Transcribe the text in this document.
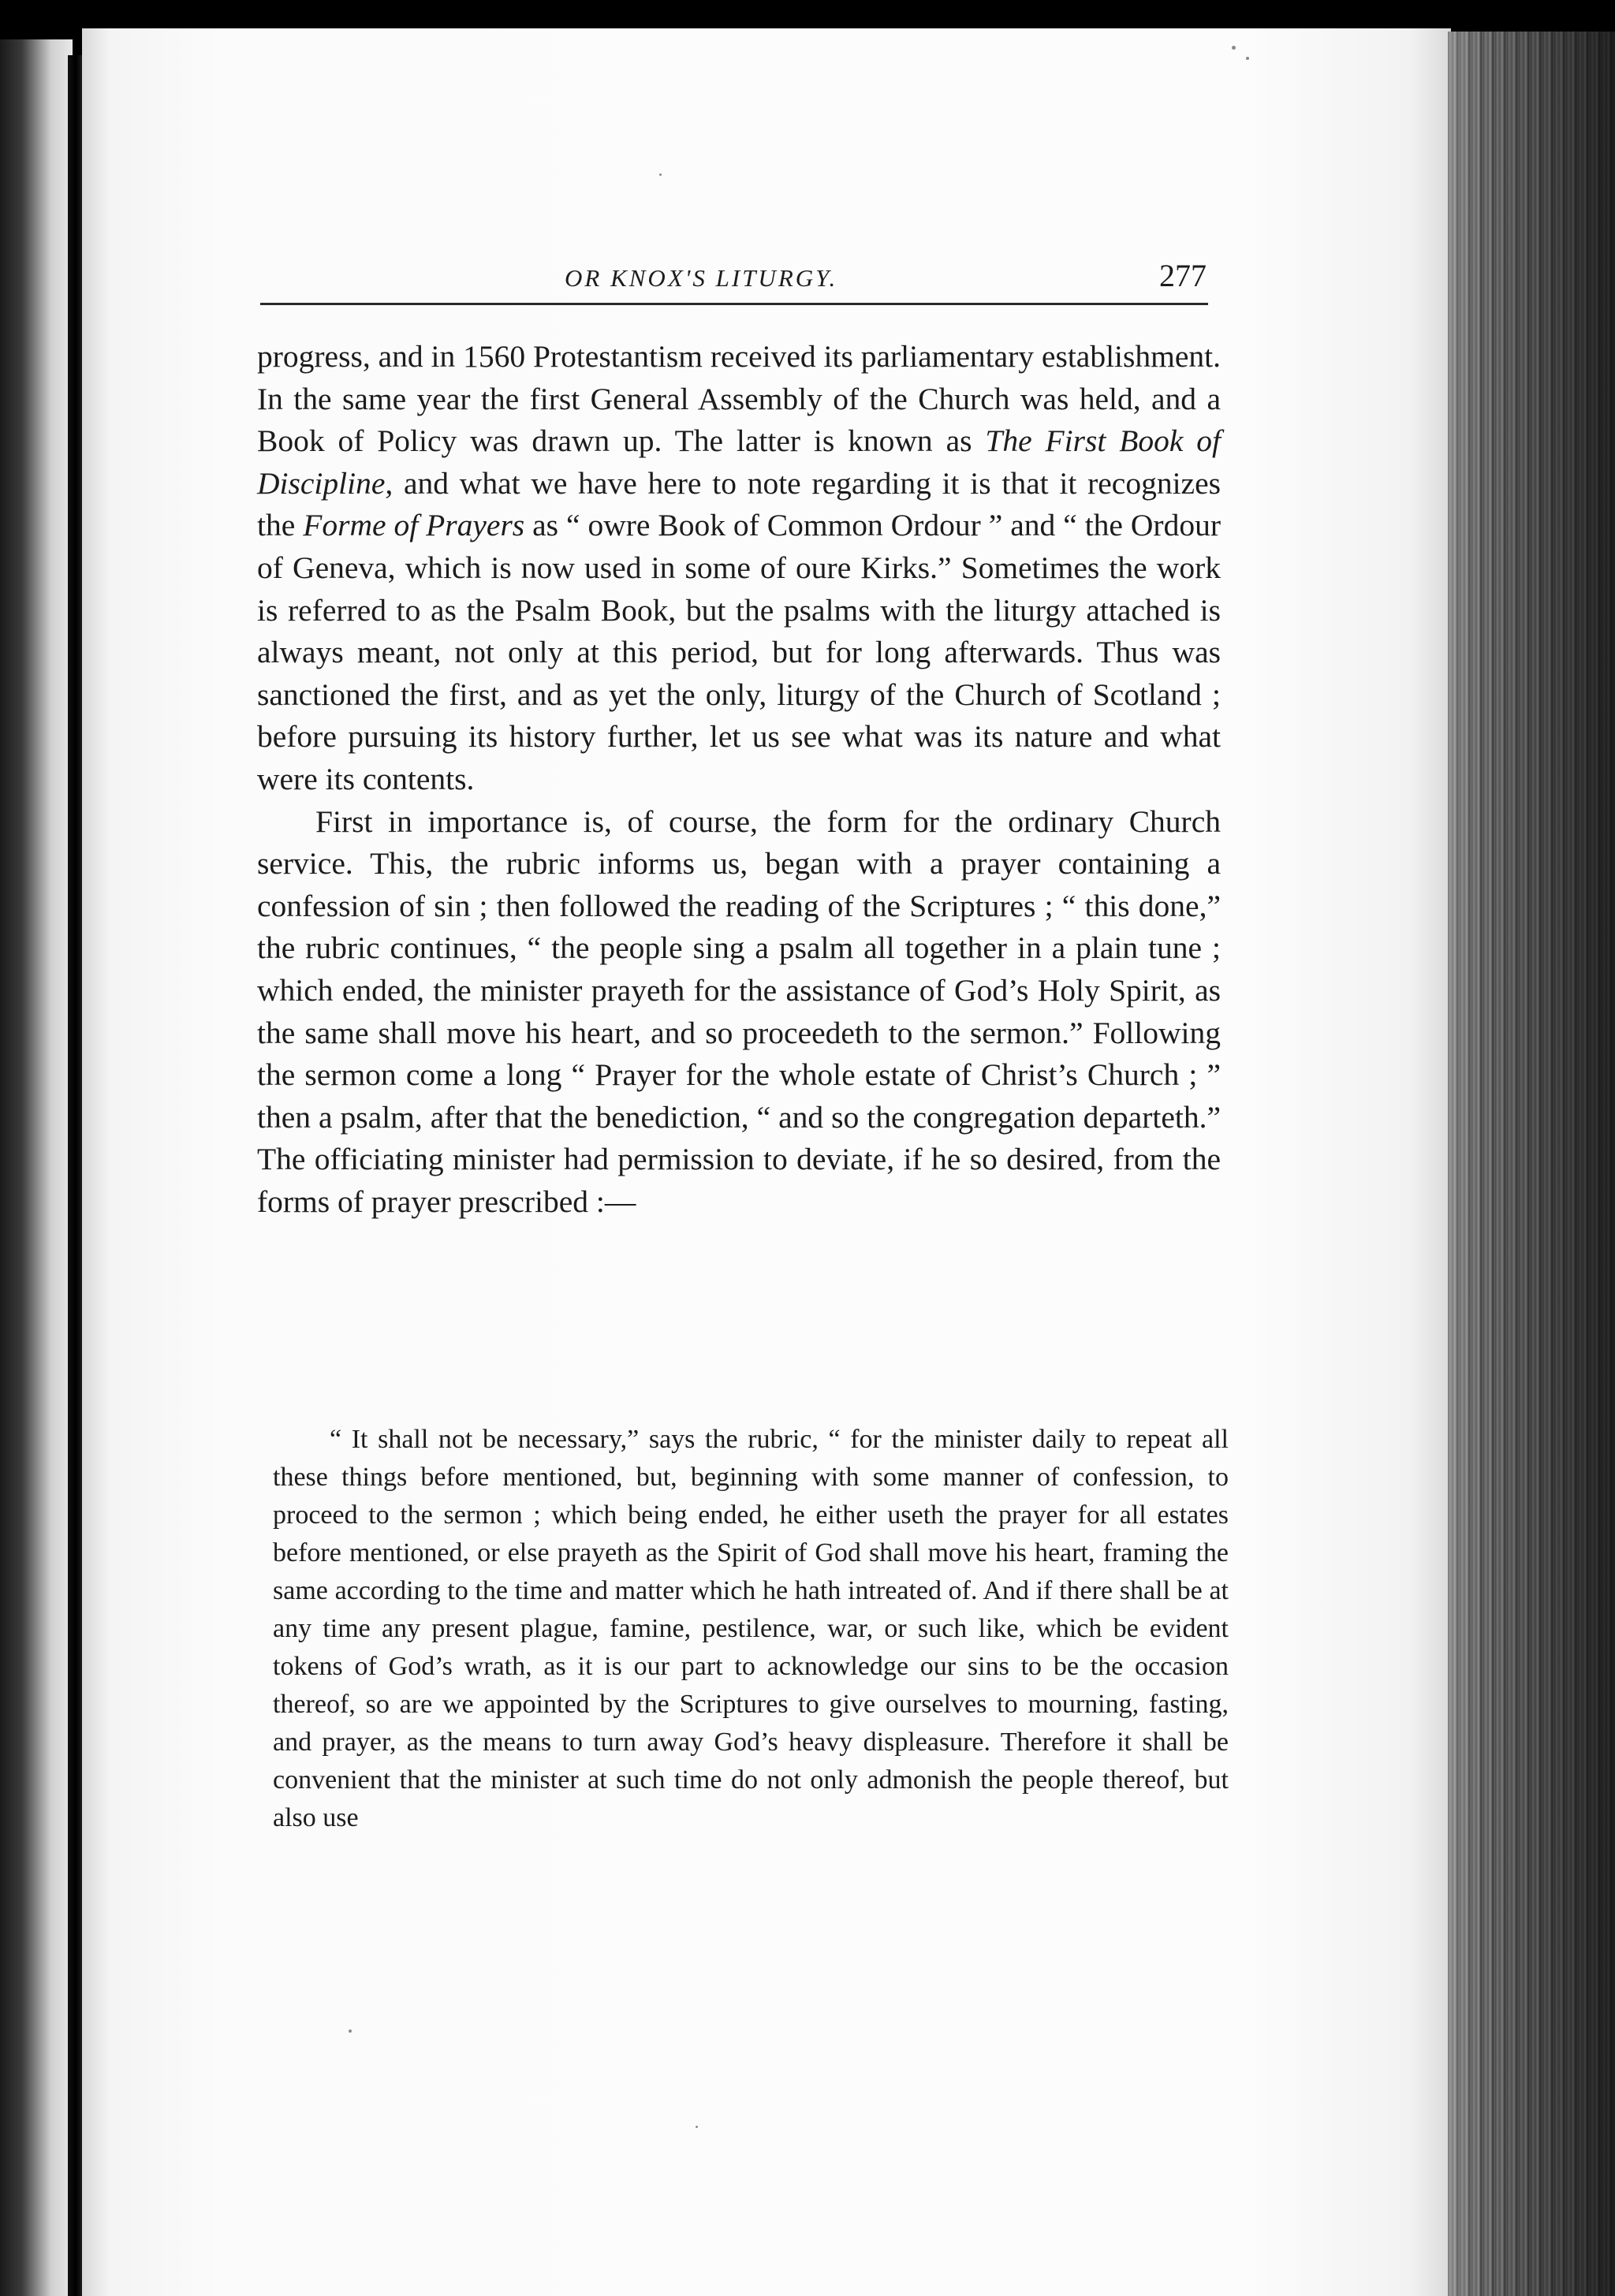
OR KNOX'S LITURGY.	277

progress, and in 1560 Protestantism received its parliamentary establishment. In the same year the first General Assembly of the Church was held, and a Book of Policy was drawn up. The latter is known as The First Book of Discipline, and what we have here to note regarding it is that it recognizes the Forme of Prayers as “ owre Book of Common Ordour ” and “ the Ordour of Geneva, which is now used in some of oure Kirks.” Sometimes the work is referred to as the Psalm Book, but the psalms with the liturgy attached is always meant, not only at this period, but for long afterwards. Thus was sanctioned the first, and as yet the only, liturgy of the Church of Scotland ; before pursuing its history further, let us see what was its nature and what were its contents.

First in importance is, of course, the form for the ordinary Church service. This, the rubric informs us, began with a prayer containing a confession of sin ; then followed the reading of the Scriptures ; “ this done,” the rubric continues, “ the people sing a psalm all together in a plain tune ; which ended, the minister prayeth for the assistance of God’s Holy Spirit, as the same shall move his heart, and so proceedeth to the sermon.” Following the sermon come a long “ Prayer for the whole estate of Christ’s Church ; ” then a psalm, after that the benediction, “ and so the congregation departeth.” The officiating minister had permission to deviate, if he so desired, from the forms of prayer prescribed :—

“ It shall not be necessary,” says the rubric, “ for the minister daily to repeat all these things before mentioned, but, beginning with some manner of confession, to proceed to the sermon ; which being ended, he either useth the prayer for all estates before mentioned, or else prayeth as the Spirit of God shall move his heart, framing the same according to the time and matter which he hath intreated of. And if there shall be at any time any present plague, famine, pestilence, war, or such like, which be evident tokens of God’s wrath, as it is our part to acknowledge our sins to be the occasion thereof, so are we appointed by the Scriptures to give ourselves to mourning, fasting, and prayer, as the means to turn away God’s heavy displeasure. Therefore it shall be convenient that the minister at such time do not only admonish the people thereof, but also use
